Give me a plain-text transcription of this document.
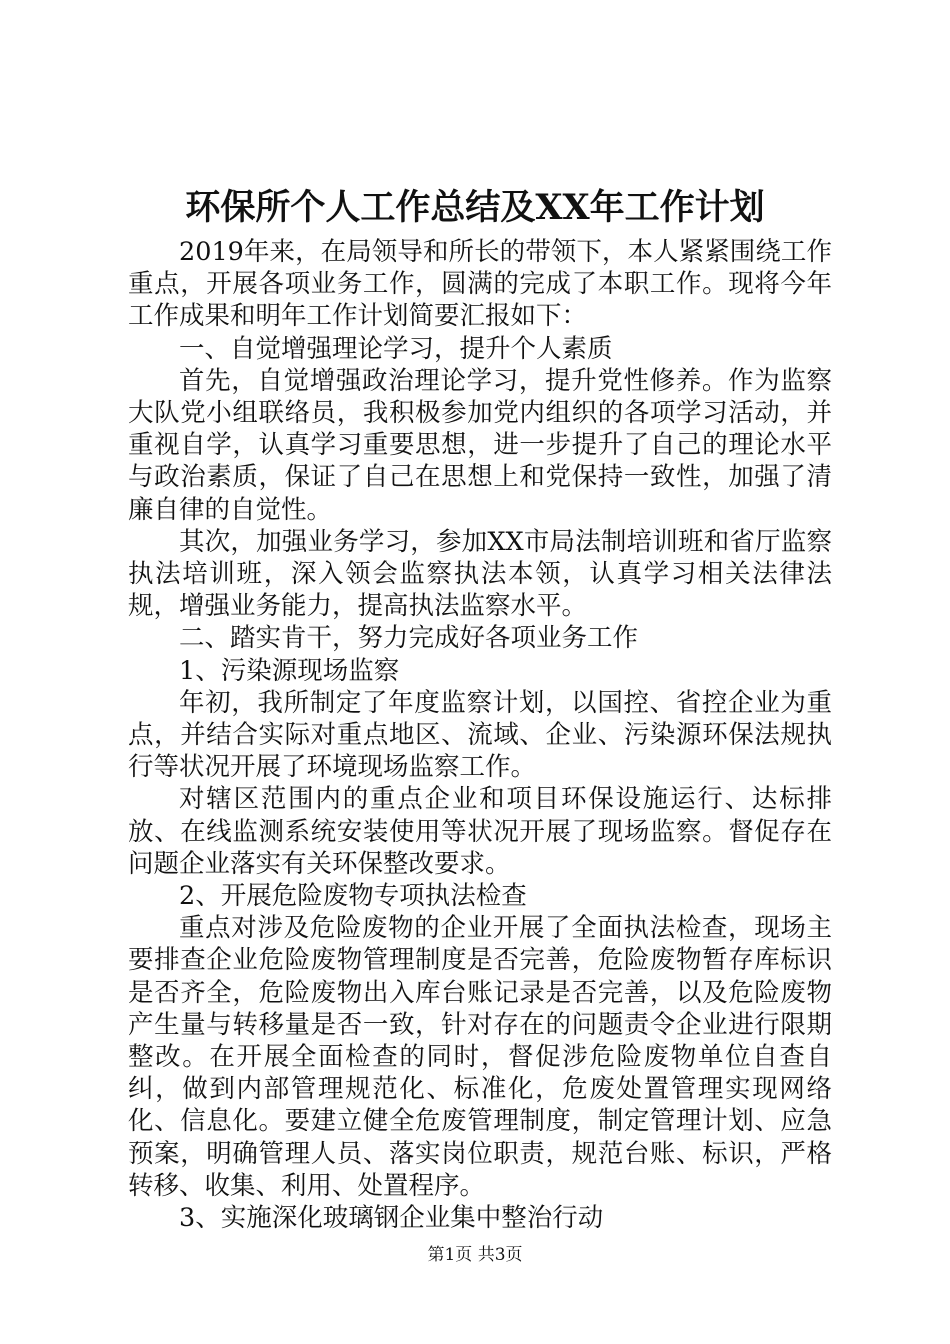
环保所个人工作总结及XX年工作计划

2019年来，在局领导和所长的带领下，本人紧紧围绕工作重点，开展各项业务工作，圆满的完成了本职工作。现将今年工作成果和明年工作计划简要汇报如下：

一、自觉增强理论学习，提升个人素质

首先，自觉增强政治理论学习，提升党性修养。作为监察大队党小组联络员，我积极参加党内组织的各项学习活动，并重视自学，认真学习重要思想，进一步提升了自己的理论水平与政治素质，保证了自己在思想上和党保持一致性，加强了清廉自律的自觉性。

其次，加强业务学习，参加XX市局法制培训班和省厅监察执法培训班，深入领会监察执法本领，认真学习相关法律法规，增强业务能力，提高执法监察水平。

二、踏实肯干，努力完成好各项业务工作

1、污染源现场监察

年初，我所制定了年度监察计划，以国控、省控企业为重点，并结合实际对重点地区、流域、企业、污染源环保法规执行等状况开展了环境现场监察工作。

对辖区范围内的重点企业和项目环保设施运行、达标排放、在线监测系统安装使用等状况开展了现场监察。督促存在问题企业落实有关环保整改要求。

2、开展危险废物专项执法检查

重点对涉及危险废物的企业开展了全面执法检查，现场主要排查企业危险废物管理制度是否完善，危险废物暂存库标识是否齐全，危险废物出入库台账记录是否完善，以及危险废物产生量与转移量是否一致，针对存在的问题责令企业进行限期整改。在开展全面检查的同时，督促涉危险废物单位自查自纠，做到内部管理规范化、标准化，危废处置管理实现网络化、信息化。要建立健全危废管理制度，制定管理计划、应急预案，明确管理人员、落实岗位职责，规范台账、标识，严格转移、收集、利用、处置程序。

3、实施深化玻璃钢企业集中整治行动

第1页 共3页
